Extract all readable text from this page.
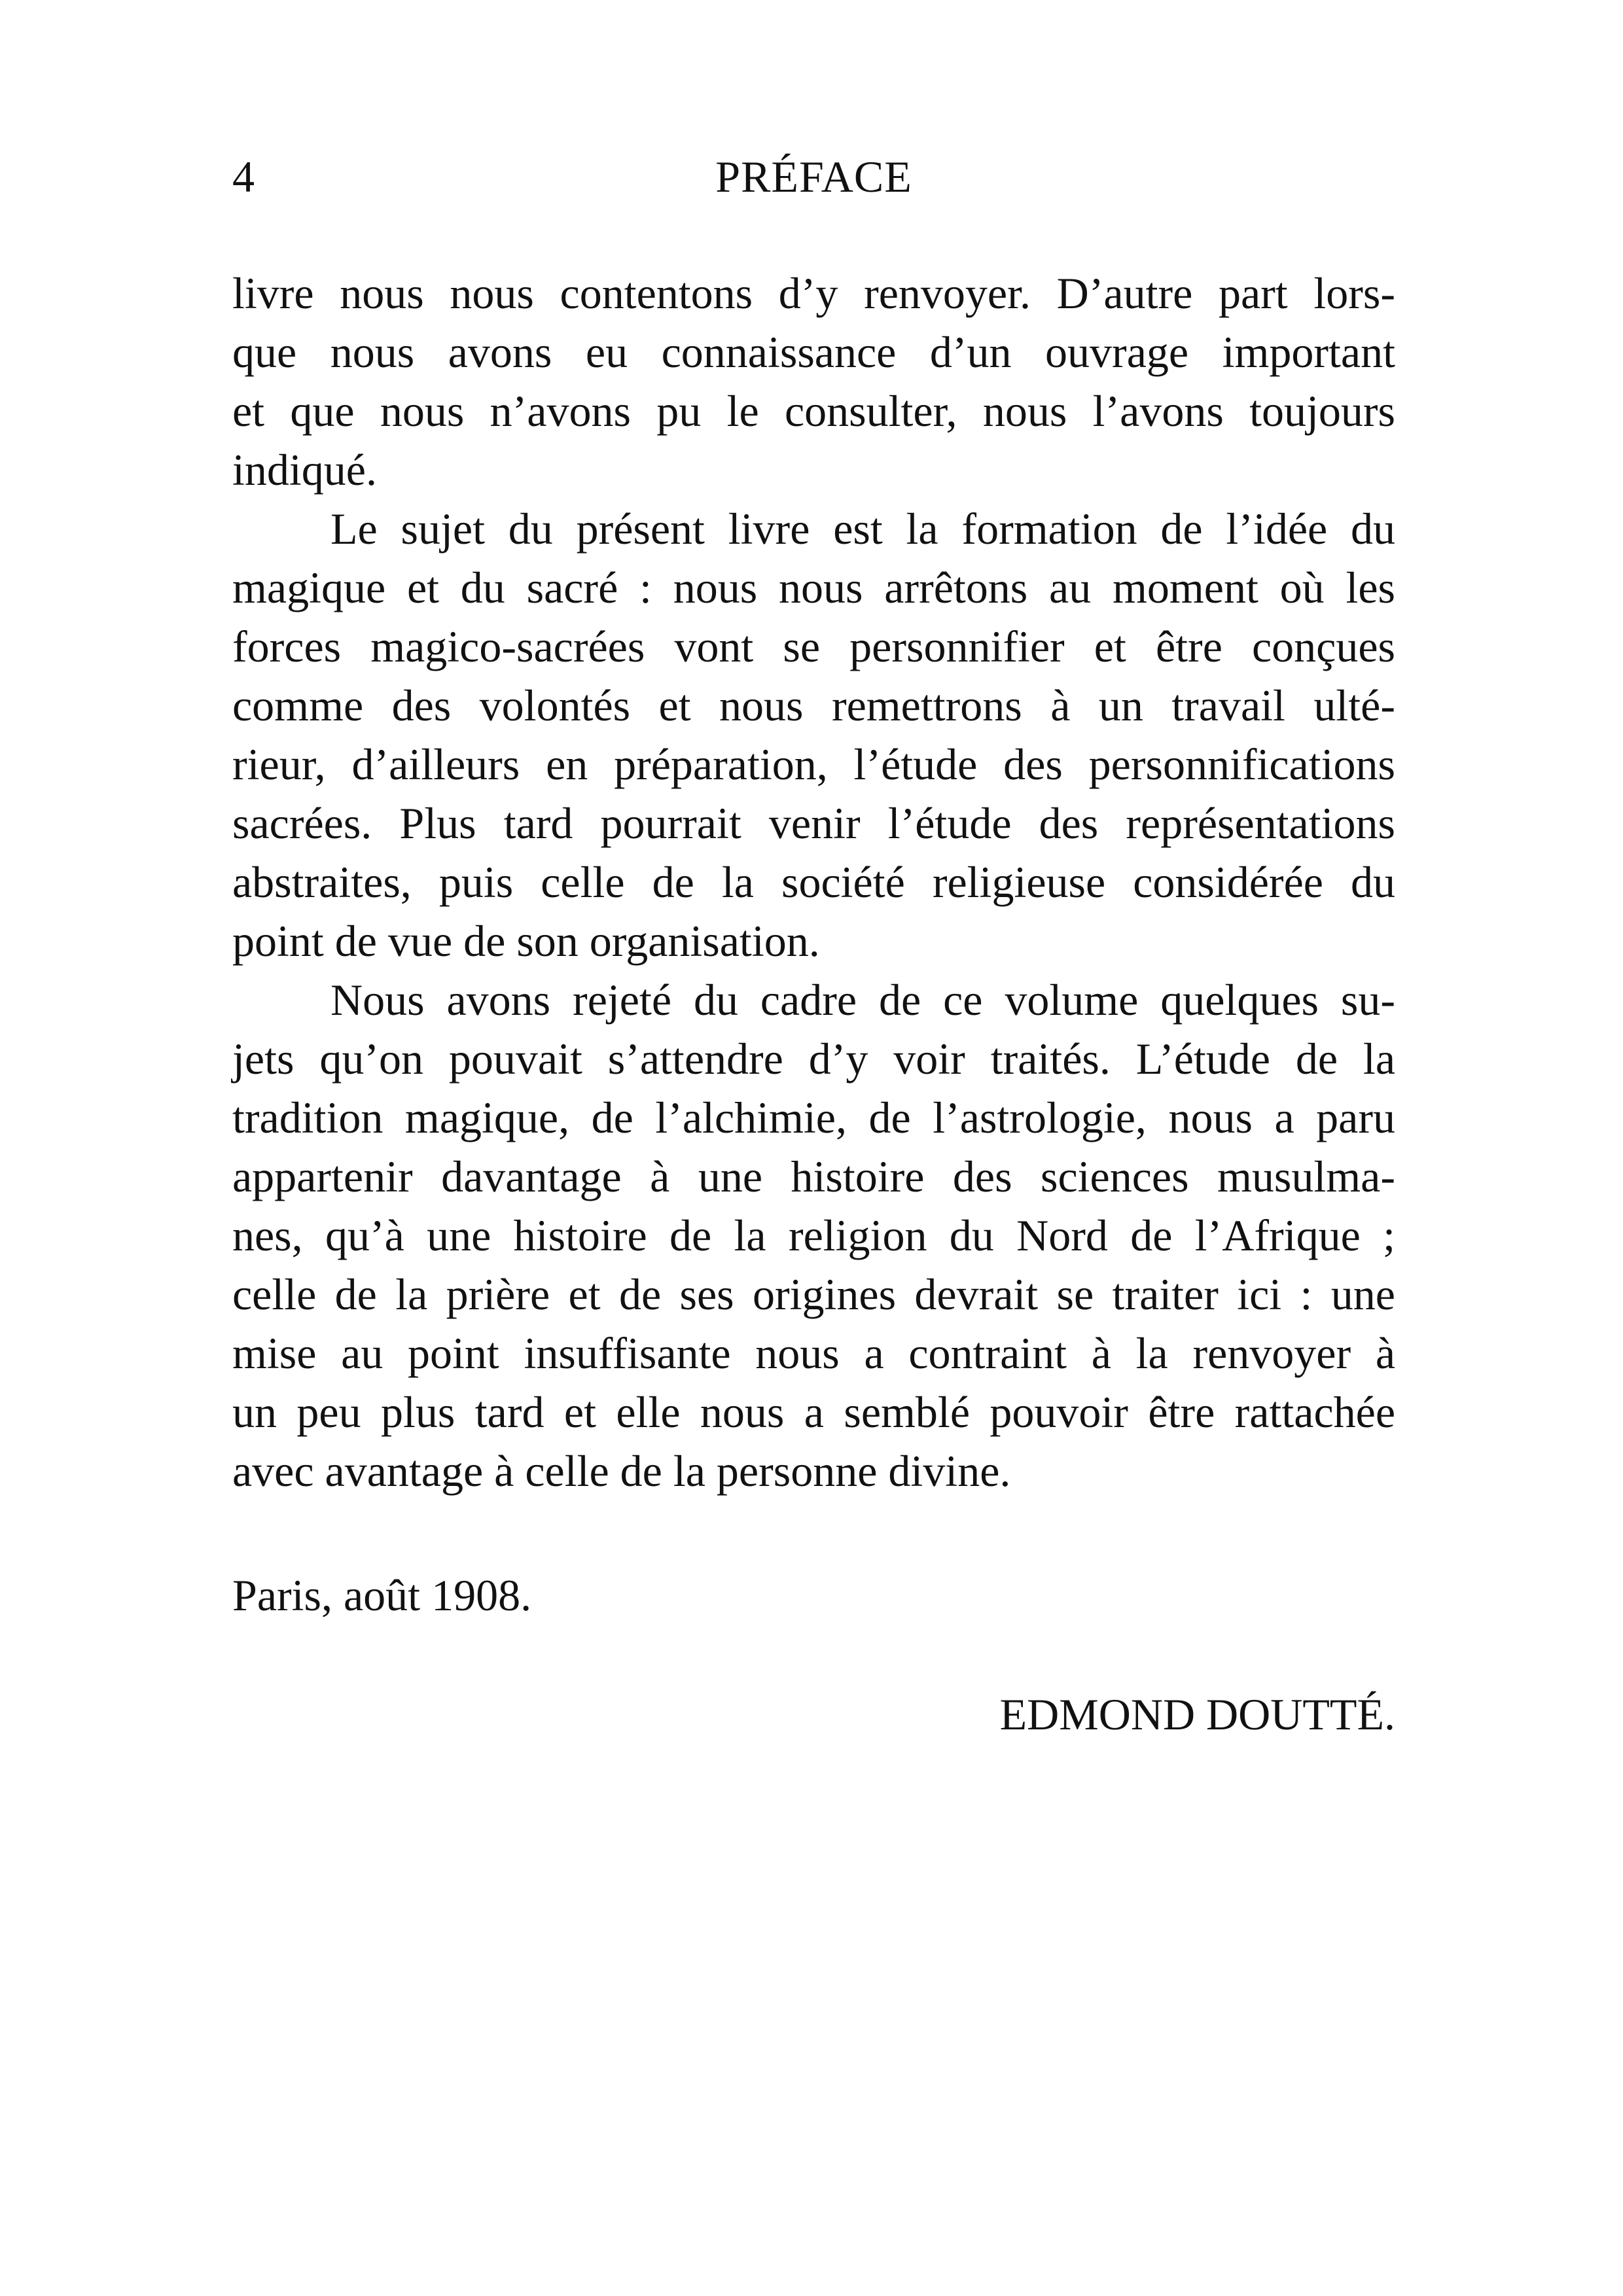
4	PRÉFACE
livre nous nous contentons d’y renvoyer. D’autre part lors-
que nous avons eu connaissance d’un ouvrage important
et que nous n’avons pu le consulter, nous l’avons toujours
indiqué.
Le sujet du présent livre est la formation de l’idée du
magique et du sacré : nous nous arrêtons au moment où les
forces magico-sacrées vont se personnifier et être conçues
comme des volontés et nous remettrons à un travail ulté-
rieur, d’ailleurs en préparation, l’étude des personnifications
sacrées. Plus tard pourrait venir l’étude des représentations
abstraites, puis celle de la société religieuse considérée du
point de vue de son organisation.
Nous avons rejeté du cadre de ce volume quelques su-
jets qu’on pouvait s’attendre d’y voir traités. L’étude de la
tradition magique, de l’alchimie, de l’astrologie, nous a paru
appartenir davantage à une histoire des sciences musulma-
nes, qu’à une histoire de la religion du Nord de l’Afrique ;
celle de la prière et de ses origines devrait se traiter ici : une
mise au point insuffisante nous a contraint à la renvoyer à
un peu plus tard et elle nous a semblé pouvoir être rattachée
avec avantage à celle de la personne divine.
Paris, août 1908.
EDMOND DOUTTÉ.
